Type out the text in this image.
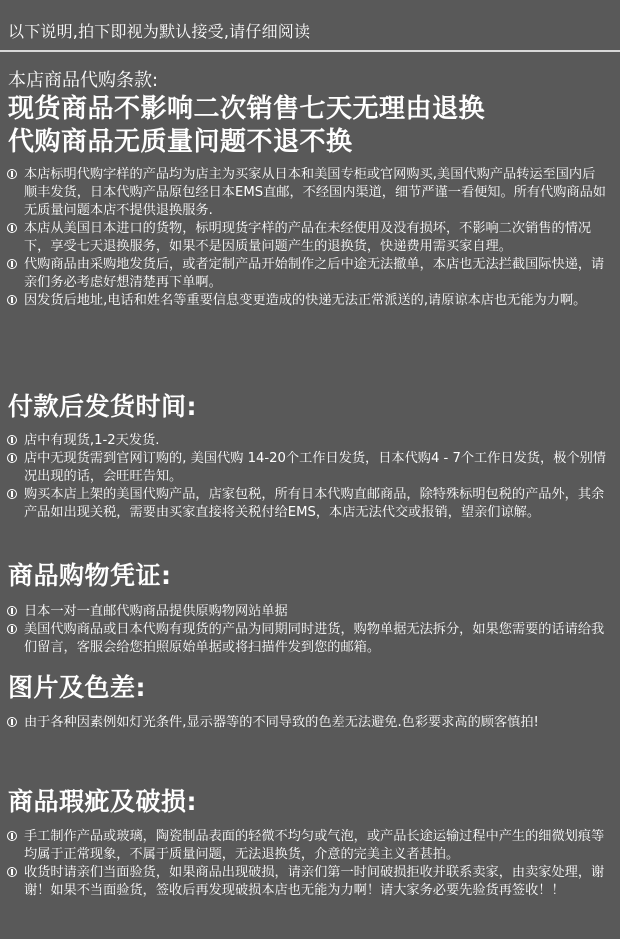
以下说明,拍下即视为默认接受,请仔细阅读
本店商品代购条款:
现货商品不影响二次销售七天无理由退换
代购商品无质量问题不退不换
本店标明代购字样的产品均为店主为买家从日本和美国专柜或官网购买,美国代购产品转运至国内后顺丰发货，日本代购产品原包经日本EMS直邮，不经国内渠道，细节严谨一看便知。所有代购商品如无质量问题本店不提供退换服务.
本店从美国日本进口的货物，标明现货字样的产品在未经使用及没有损坏，不影响二次销售的情况下，享受七天退换服务，如果不是因质量问题产生的退换货，快递费用需买家自理。
代购商品由采购地发货后，或者定制产品开始制作之后中途无法撤单，本店也无法拦截国际快递，请亲们务必考虑好想清楚再下单啊。
因发货后地址,电话和姓名等重要信息变更造成的快递无法正常派送的,请原谅本店也无能为力啊。
付款后发货时间:
店中有现货,1-2天发货.
店中无现货需到官网订购的, 美国代购 14-20个工作日发货，日本代购4 - 7个工作日发货，极个别情况出现的话，会旺旺告知。
购买本店上架的美国代购产品，店家包税，所有日本代购直邮商品，除特殊标明包税的产品外，其余产品如出现关税，需要由买家直接将关税付给EMS，本店无法代交或报销，望亲们谅解。
商品购物凭证:
日本一对一直邮代购商品提供原购物网站单据
美国代购商品或日本代购有现货的产品为同期同时进货，购物单据无法拆分，如果您需要的话请给我们留言，客服会给您拍照原始单据或将扫描件发到您的邮箱。
图片及色差:
由于各种因素例如灯光条件,显示器等的不同导致的色差无法避免.色彩要求高的顾客慎拍!
商品瑕疵及破损:
手工制作产品或玻璃，陶瓷制品表面的轻微不均匀或气泡，或产品长途运输过程中产生的细微划痕等均属于正常现象，不属于质量问题，无法退换货，介意的完美主义者甚拍。
收货时请亲们当面验货，如果商品出现破损，请亲们第一时间破损拒收并联系卖家，由卖家处理，谢谢！如果不当面验货，签收后再发现破损本店也无能为力啊！请大家务必要先验货再签收！！
